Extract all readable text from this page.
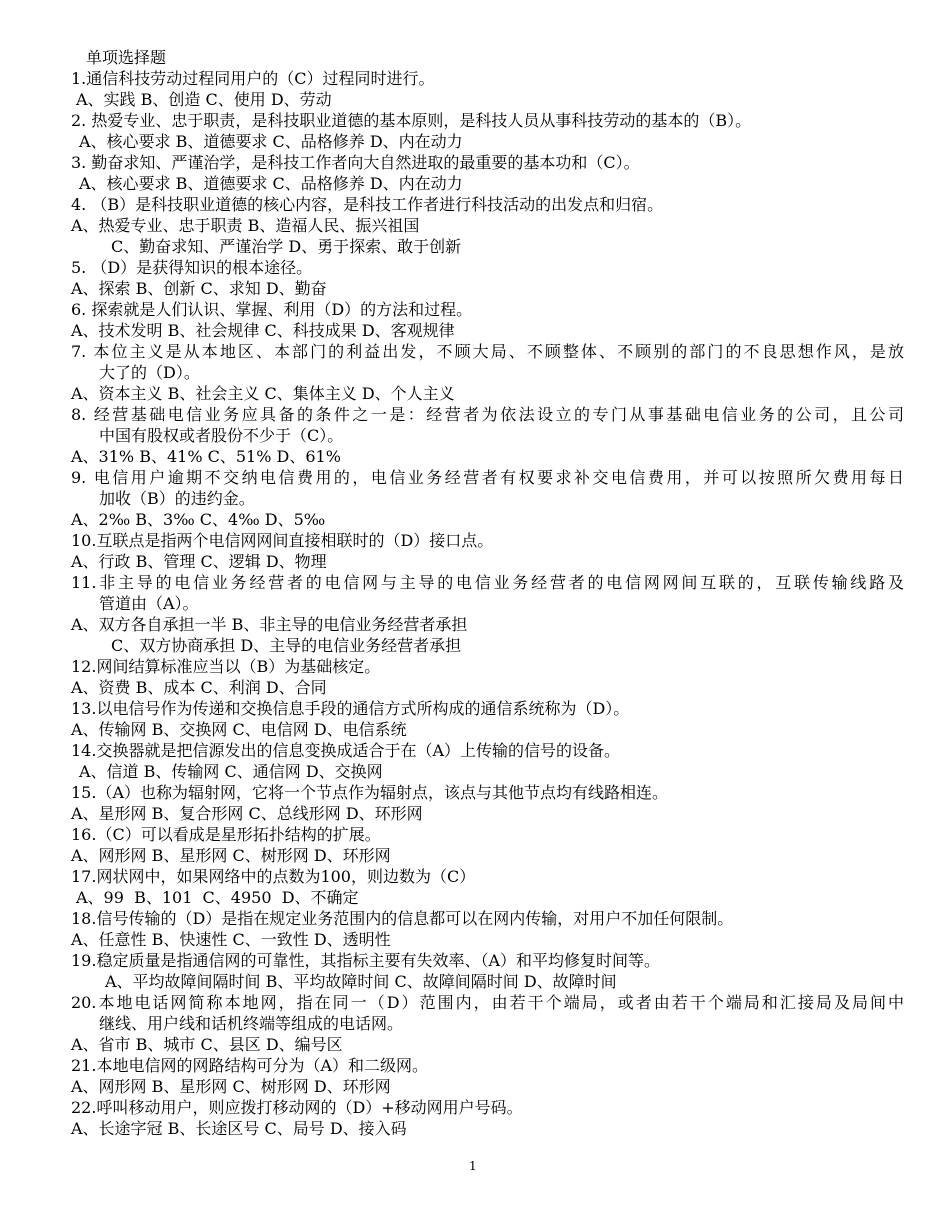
单项选择题
1.通信科技劳动过程同用户的（C）过程同时进行。
A、实践 B、创造 C、使用 D、劳动
2. 热爱专业、忠于职责，是科技职业道德的基本原则，是科技人员从事科技劳动的基本的（B）。
A、核心要求 B、道德要求 C、品格修养 D、内在动力
3. 勤奋求知、严谨治学，是科技工作者向大自然进取的最重要的基本功和（C）。
A、核心要求 B、道德要求 C、品格修养 D、内在动力
4. （B）是科技职业道德的核心内容，是科技工作者进行科技活动的出发点和归宿。
A、热爱专业、忠于职责 B、造福人民、振兴祖国
C、勤奋求知、严谨治学 D、勇于探索、敢于创新
5. （D）是获得知识的根本途径。
A、探索 B、创新 C、求知 D、勤奋
6. 探索就是人们认识、掌握、利用（D）的方法和过程。
A、技术发明 B、社会规律 C、科技成果 D、客观规律
7. 本位主义是从本地区、本部门的利益出发，不顾大局、不顾整体、不顾别的部门的不良思想作风，是放
大了的（D）。
A、资本主义 B、社会主义 C、集体主义 D、个人主义
8. 经营基础电信业务应具备的条件之一是：经营者为依法设立的专门从事基础电信业务的公司，且公司
中国有股权或者股份不少于（C）。
A、31% B、41% C、51% D、61%
9. 电信用户逾期不交纳电信费用的，电信业务经营者有权要求补交电信费用，并可以按照所欠费用每日
加收（B）的违约金。
A、2‰ B、3‰ C、4‰ D、5‰
10.互联点是指两个电信网网间直接相联时的（D）接口点。
A、行政 B、管理 C、逻辑 D、物理
11.非主导的电信业务经营者的电信网与主导的电信业务经营者的电信网网间互联的，互联传输线路及
管道由（A）。
A、双方各自承担一半 B、非主导的电信业务经营者承担
C、双方协商承担 D、主导的电信业务经营者承担
12.网间结算标准应当以（B）为基础核定。
A、资费 B、成本 C、利润 D、合同
13.以电信号作为传递和交换信息手段的通信方式所构成的通信系统称为（D）。
A、传输网 B、交换网 C、电信网 D、电信系统
14.交换器就是把信源发出的信息变换成适合于在（A）上传输的信号的设备。
A、信道 B、传输网 C、通信网 D、交换网
15.（A）也称为辐射网，它将一个节点作为辐射点，该点与其他节点均有线路相连。
A、星形网 B、复合形网 C、总线形网 D、环形网
16.（C）可以看成是星形拓扑结构的扩展。
A、网形网 B、星形网 C、树形网 D、环形网
17.网状网中，如果网络中的点数为100，则边数为（C）
A、99  B、101  C、4950  D、不确定
18.信号传输的（D）是指在规定业务范围内的信息都可以在网内传输，对用户不加任何限制。
A、任意性 B、快速性 C、一致性 D、透明性
19.稳定质量是指通信网的可靠性，其指标主要有失效率、（A）和平均修复时间等。
A、平均故障间隔时间 B、平均故障时间 C、故障间隔时间 D、故障时间
20.本地电话网简称本地网，指在同一（D）范围内，由若干个端局，或者由若干个端局和汇接局及局间中
继线、用户线和话机终端等组成的电话网。
A、省市 B、城市 C、县区 D、编号区
21.本地电信网的网路结构可分为（A）和二级网。
A、网形网 B、星形网 C、树形网 D、环形网
22.呼叫移动用户，则应拨打移动网的（D）+移动网用户号码。
A、长途字冠 B、长途区号 C、局号 D、接入码
1
